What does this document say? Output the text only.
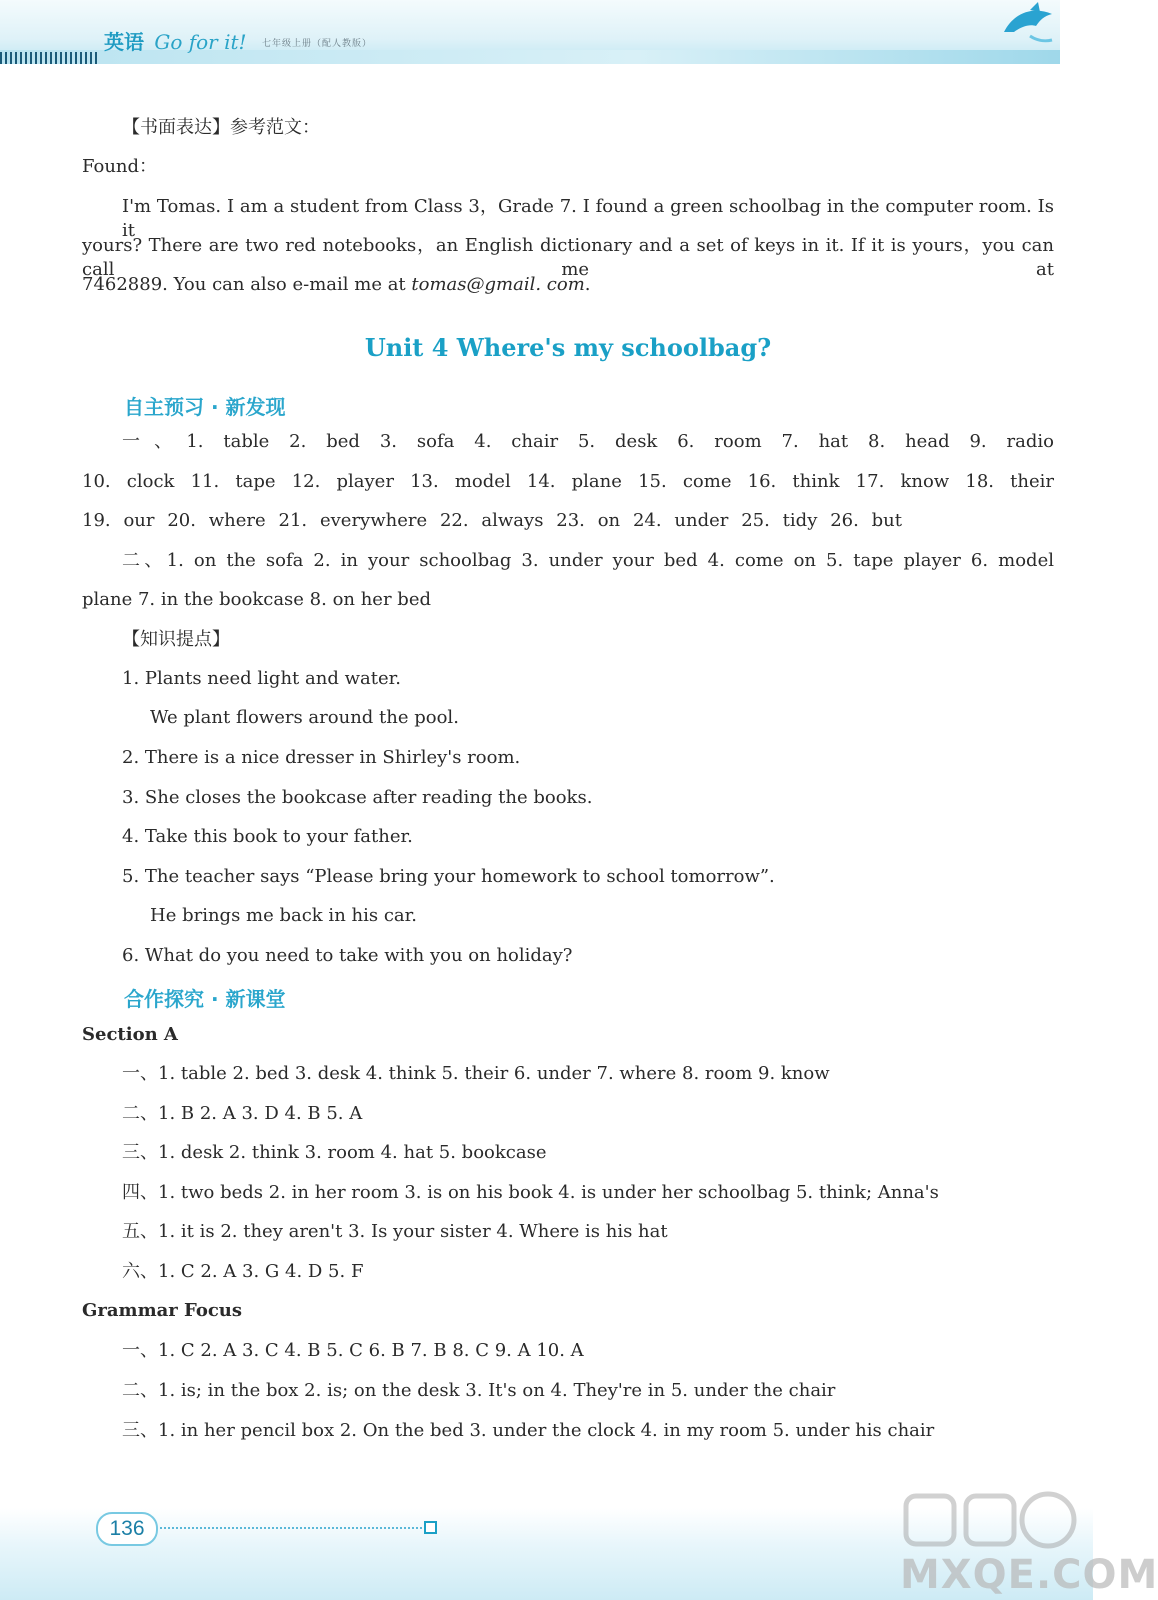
英语 Go for it! 七年级上册（配人教版）
【书面表达】参考范文：
Found：
I'm Tomas. I am a student from Class 3，Grade 7. I found a green schoolbag in the computer room. Is it
yours? There are two red notebooks，an English dictionary and a set of keys in it. If it is yours，you can call me at
7462889. You can also e-mail me at tomas@gmail. com.
Unit 4 Where's my schoolbag?
自主预习 · 新发现
一、1. table 2. bed 3. sofa 4. chair 5. desk 6. room 7. hat 8. head 9. radio
10. clock 11. tape 12. player 13. model 14. plane 15. come 16. think 17. know 18. their
19. our 20. where 21. everywhere 22. always 23. on 24. under 25. tidy 26. but
二、1. on the sofa 2. in your schoolbag 3. under your bed 4. come on 5. tape player 6. model
plane 7. in the bookcase 8. on her bed
【知识提点】
1. Plants need light and water.
We plant flowers around the pool.
2. There is a nice dresser in Shirley's room.
3. She closes the bookcase after reading the books.
4. Take this book to your father.
5. The teacher says “Please bring your homework to school tomorrow”.
He brings me back in his car.
6. What do you need to take with you on holiday?
合作探究 · 新课堂
Section A
一、1. table 2. bed 3. desk 4. think 5. their 6. under 7. where 8. room 9. know
二、1. B 2. A 3. D 4. B 5. A
三、1. desk 2. think 3. room 4. hat 5. bookcase
四、1. two beds 2. in her room 3. is on his book 4. is under her schoolbag 5. think; Anna's
五、1. it is 2. they aren't 3. Is your sister 4. Where is his hat
六、1. C 2. A 3. G 4. D 5. F
Grammar Focus
一、1. C 2. A 3. C 4. B 5. C 6. B 7. B 8. C 9. A 10. A
二、1. is; in the box 2. is; on the desk 3. It's on 4. They're in 5. under the chair
三、1. in her pencil box 2. On the bed 3. under the clock 4. in my room 5. under his chair
136
MXQE.COM
